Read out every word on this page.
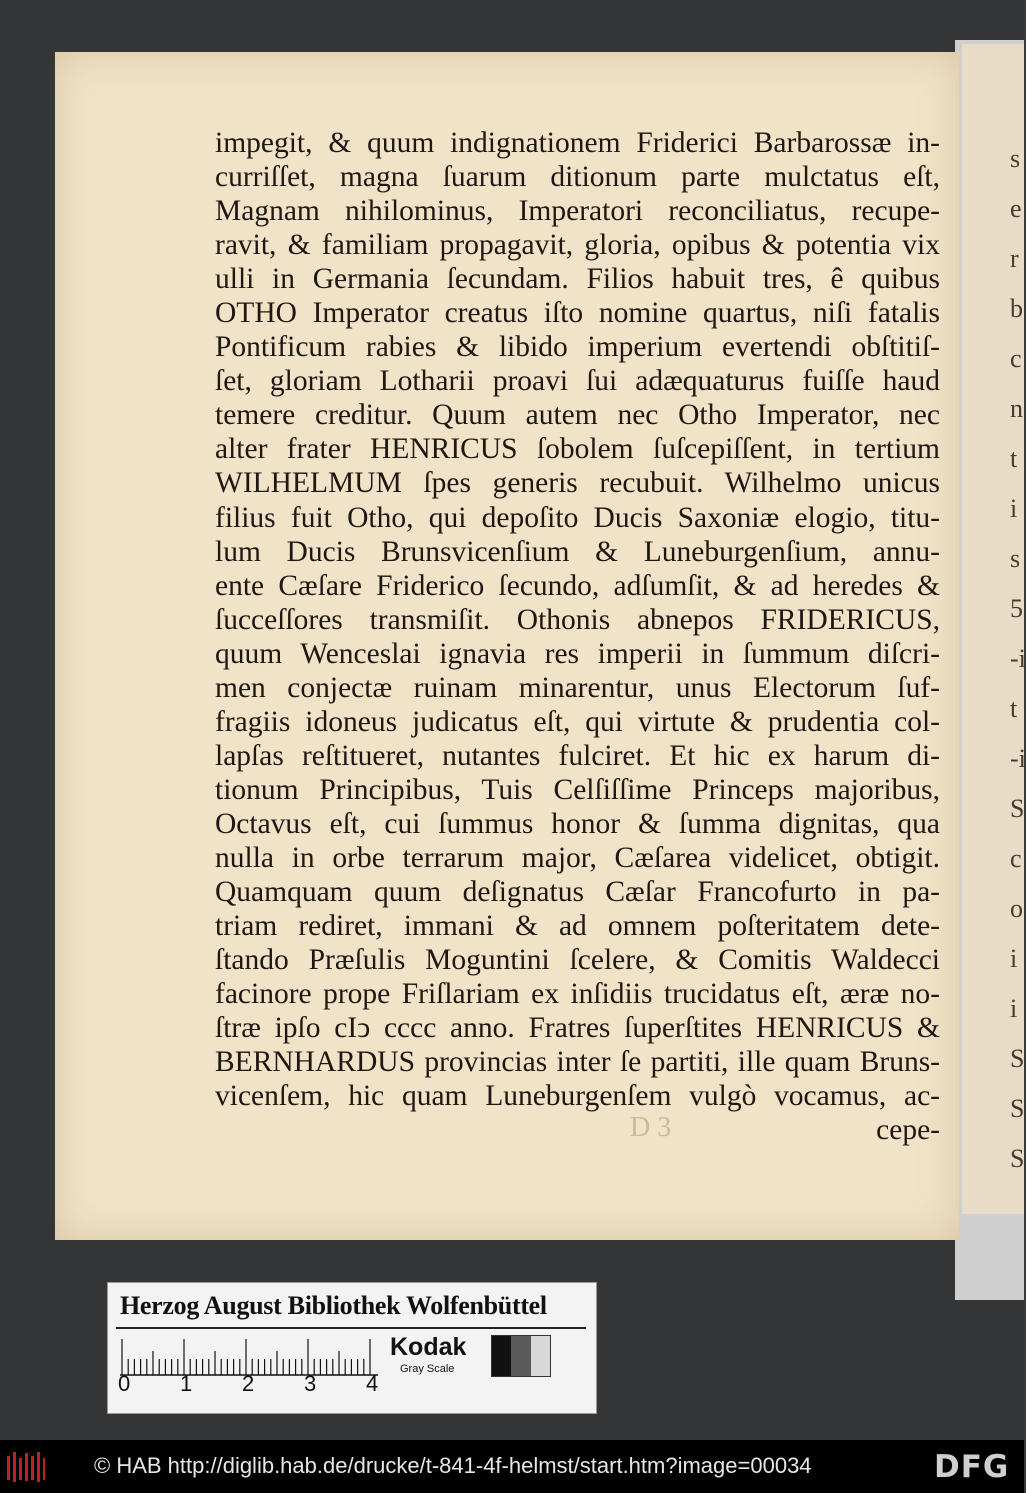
s
e
r
b
c
n
t
i
s
5
-i
t
-i
S
c
o
i
i
S
S
S
impegit, & quum indignationem Friderici Barbarossæ in-
curriſſet, magna ſuarum ditionum parte mulctatus eſt,
Magnam nihilominus, Imperatori reconciliatus, recupe-
ravit, & familiam propagavit, gloria, opibus & potentia vix
ulli in Germania ſecundam. Filios habuit tres, ê quibus
OTHO Imperator creatus iſto nomine quartus, niſi fatalis
Pontificum rabies & libido imperium evertendi obſtitiſ-
ſet, gloriam Lotharii proavi ſui adæquaturus fuiſſe haud
temere creditur. Quum autem nec Otho Imperator, nec
alter frater HENRICUS ſobolem ſuſcepiſſent, in tertium
WILHELMUM ſpes generis recubuit. Wilhelmo unicus
filius fuit Otho, qui depoſito Ducis Saxoniæ elogio, titu-
lum Ducis Brunsvicenſium & Luneburgenſium, annu-
ente Cæſare Friderico ſecundo, adſumſit, & ad heredes &
ſucceſſores transmiſit. Othonis abnepos FRIDERICUS,
quum Wenceslai ignavia res imperii in ſummum diſcri-
men conjectæ ruinam minarentur, unus Electorum ſuf-
fragiis idoneus judicatus eſt, qui virtute & prudentia col-
lapſas reſtitueret, nutantes fulciret. Et hic ex harum di-
tionum Principibus, Tuis Celſiſſime Princeps majoribus,
Octavus eſt, cui ſummus honor & ſumma dignitas, qua
nulla in orbe terrarum major, Cæſarea videlicet, obtigit.
Quamquam quum deſignatus Cæſar Francofurto in pa-
triam rediret, immani & ad omnem poſteritatem dete-
ſtando Præſulis Moguntini ſcelere, & Comitis Waldecci
facinore prope Friſlariam ex inſidiis trucidatus eſt, æræ no-
ſtræ ipſo cIↄ cccc anno. Fratres ſuperſtites HENRICUS &
BERNHARDUS provincias inter ſe partiti, ille quam Bruns-
vicenſem, hic quam Luneburgenſem vulgò vocamus, ac-
cepe-
D 3
Herzog August Bibliothek Wolfenbüttel
0 1 2 3 4
Kodak
Gray Scale
© HAB http://diglib.hab.de/drucke/t-841-4f-helmst/start.htm?image=00034	DFG
